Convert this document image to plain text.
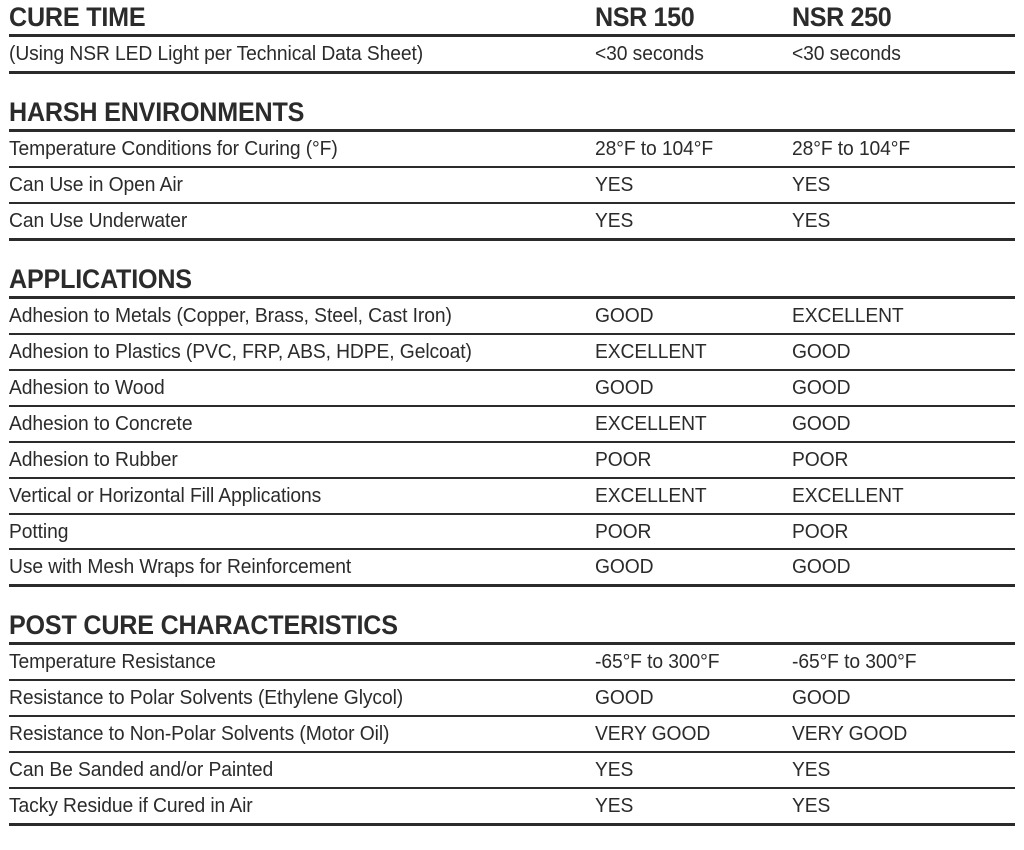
CURE TIME	NSR 150	NSR 250
(Using NSR LED Light per Technical Data Sheet)	<30 seconds	<30 seconds
HARSH ENVIRONMENTS
Temperature Conditions for Curing (°F)	28°F to 104°F	28°F to 104°F
Can Use in Open Air	YES	YES
Can Use Underwater	YES	YES
APPLICATIONS
Adhesion to Metals (Copper, Brass, Steel, Cast Iron)	GOOD	EXCELLENT
Adhesion to Plastics (PVC, FRP, ABS, HDPE, Gelcoat)	EXCELLENT	GOOD
Adhesion to Wood	GOOD	GOOD
Adhesion to Concrete	EXCELLENT	GOOD
Adhesion to Rubber	POOR	POOR
Vertical or Horizontal Fill Applications	EXCELLENT	EXCELLENT
Potting	POOR	POOR
Use with Mesh Wraps for Reinforcement	GOOD	GOOD
POST CURE CHARACTERISTICS
Temperature Resistance	-65°F to 300°F	-65°F to 300°F
Resistance to Polar Solvents (Ethylene Glycol)	GOOD	GOOD
Resistance to Non-Polar Solvents (Motor Oil)	VERY GOOD	VERY GOOD
Can Be Sanded and/or Painted	YES	YES
Tacky Residue if Cured in Air	YES	YES
